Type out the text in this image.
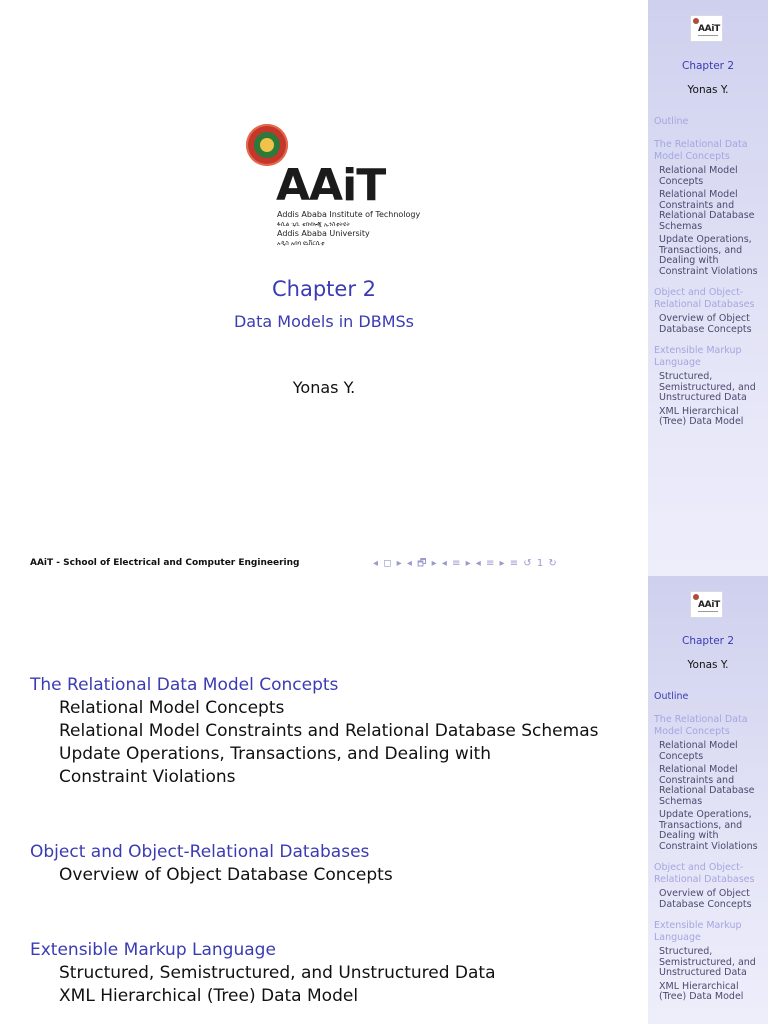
AAiT
Addis Ababa Institute of Technology
ፋሲል ጊቢ ቴክኖሎጂ ኢንስቲትዩት
Addis Ababa University
አዲስ አበባ ዩኒቨርሲቲ
Chapter 2
Data Models in DBMSs
Yonas Y.
AAiT - School of Electrical and Computer Engineering	◂ ◻ ▸ ◂ 🗗 ▸ ◂ ≡ ▸ ◂ ≡ ▸ ≡ ↺ 1 ↻
AAiT
Chapter 2
Yonas Y.
Outline
The Relational Data Model Concepts
Relational Model Concepts
Relational Model Constraints and Relational Database Schemas
Update Operations, Transactions, and Dealing with Constraint Violations
Object and Object-Relational Databases
Overview of Object Database Concepts
Extensible Markup Language
Structured, Semistructured, and Unstructured Data
XML Hierarchical (Tree) Data Model
The Relational Data Model Concepts
Relational Model Concepts
Relational Model Constraints and Relational Database Schemas
Update Operations, Transactions, and Dealing with Constraint Violations
Object and Object-Relational Databases
Overview of Object Database Concepts
Extensible Markup Language
Structured, Semistructured, and Unstructured Data
XML Hierarchical (Tree) Data Model
AAiT
Chapter 2
Yonas Y.
Outline
The Relational Data Model Concepts
Relational Model Concepts
Relational Model Constraints and Relational Database Schemas
Update Operations, Transactions, and Dealing with Constraint Violations
Object and Object-Relational Databases
Overview of Object Database Concepts
Extensible Markup Language
Structured, Semistructured, and Unstructured Data
XML Hierarchical (Tree) Data Model
